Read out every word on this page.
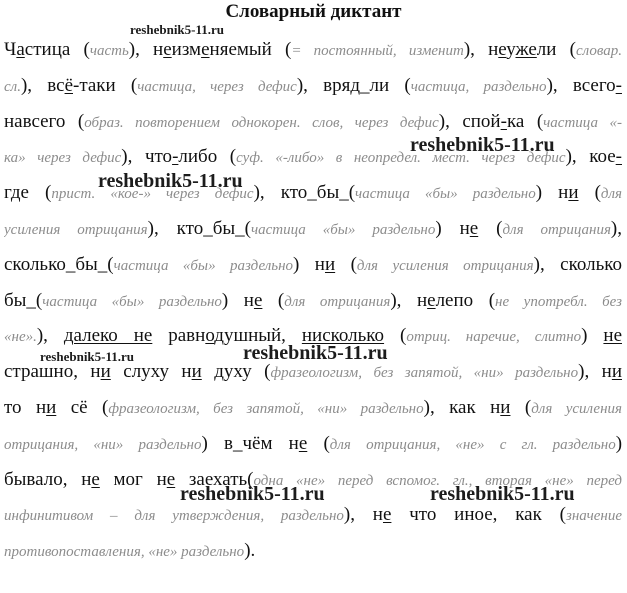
Словарный диктант
Частица (часть), неизменяемый (= постоянный, изменит), неужели (словар.
сл.), всё-таки (частица, через дефис), вряд_ли (частица, раздельно), всего-
навсего (образ. повторением однокорен. слов, через дефис), спой-ка (частица «-
ка» через дефис), что-либо (суф. «-либо» в неопредел. мест. через дефис), кое-
где (прист. «кое-» через дефис), кто_бы_(частица «бы» раздельно) ни (для
усиления отрицания), кто_бы_(частица «бы» раздельно) не (для отрицания),
сколько_бы_(частица «бы» раздельно) ни (для усиления отрицания), сколько
бы_(частица «бы» раздельно) не (для отрицания), нелепо (не употребл. без
«не».), далеко не равнодушный, нисколько (отриц. наречие, слитно) не
страшно, ни слуху ни духу (фразеологизм, без запятой, «ни» раздельно), ни
то ни сё (фразеологизм, без запятой, «ни» раздельно), как ни (для усиления
отрицания, «ни» раздельно) в_чём не (для отрицания, «не» с гл. раздельно)
бывало, не мог не заехать(одна «не» перед вспомог. гл., вторая «не» перед
инфинитивом – для утверждения, раздельно), не что иное, как (значение
противопоставления, «не» раздельно).
reshebnik5-11.ru
reshebnik5-11.ru
reshebnik5-11.ru
reshebnik5-11.ru	reshebnik5-11.ru
reshebnik5-11.ru	reshebnik5-11.ru
